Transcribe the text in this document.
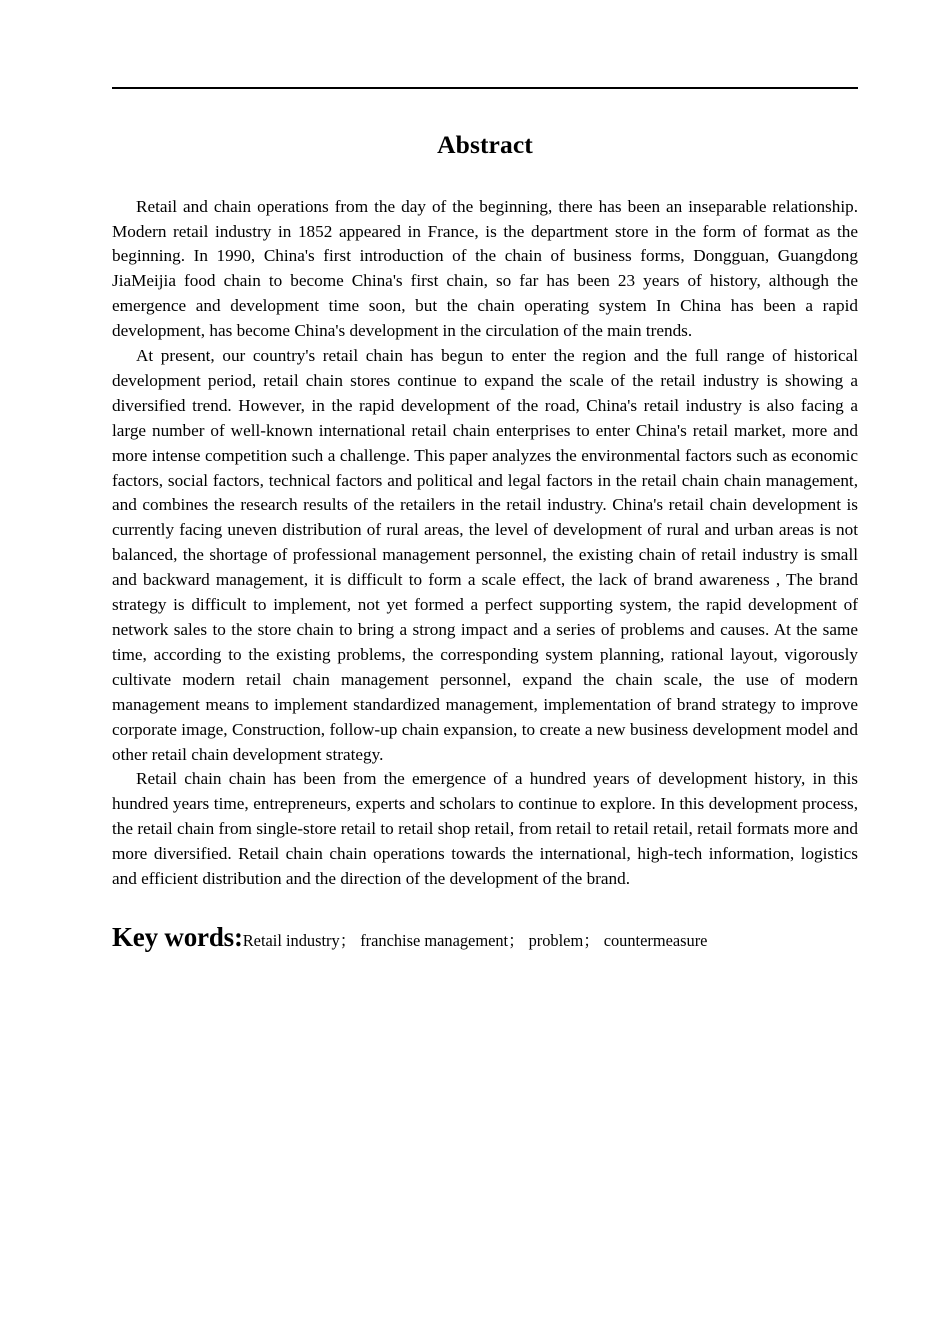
Abstract

Retail and chain operations from the day of the beginning, there has been an inseparable relationship. Modern retail industry in 1852 appeared in France, is the department store in the form of format as the beginning. In 1990, China's first introduction of the chain of business forms, Dongguan, Guangdong JiaMeijia food chain to become China's first chain, so far has been 23 years of history, although the emergence and development time soon, but the chain operating system In China has been a rapid development, has become China's development in the circulation of the main trends.

At present, our country's retail chain has begun to enter the region and the full range of historical development period, retail chain stores continue to expand the scale of the retail industry is showing a diversified trend. However, in the rapid development of the road, China's retail industry is also facing a large number of well-known international retail chain enterprises to enter China's retail market, more and more intense competition such a challenge. This paper analyzes the environmental factors such as economic factors, social factors, technical factors and political and legal factors in the retail chain chain management, and combines the research results of the retailers in the retail industry. China's retail chain development is currently facing uneven distribution of rural areas, the level of development of rural and urban areas is not balanced, the shortage of professional management personnel, the existing chain of retail industry is small and backward management, it is difficult to form a scale effect, the lack of brand awareness , The brand strategy is difficult to implement, not yet formed a perfect supporting system, the rapid development of network sales to the store chain to bring a strong impact and a series of problems and causes. At the same time, according to the existing problems, the corresponding system planning, rational layout, vigorously cultivate modern retail chain management personnel, expand the chain scale, the use of modern management means to implement standardized management, implementation of brand strategy to improve corporate image, Construction, follow-up chain expansion, to create a new business development model and other retail chain development strategy.

Retail chain chain has been from the emergence of a hundred years of development history, in this hundred years time, entrepreneurs, experts and scholars to continue to explore. In this development process, the retail chain from single-store retail to retail shop retail, from retail to retail retail, retail formats more and more diversified. Retail chain chain operations towards the international, high-tech information, logistics and efficient distribution and the direction of the development of the brand.

Key words:Retail industry； franchise management； problem； countermeasure
